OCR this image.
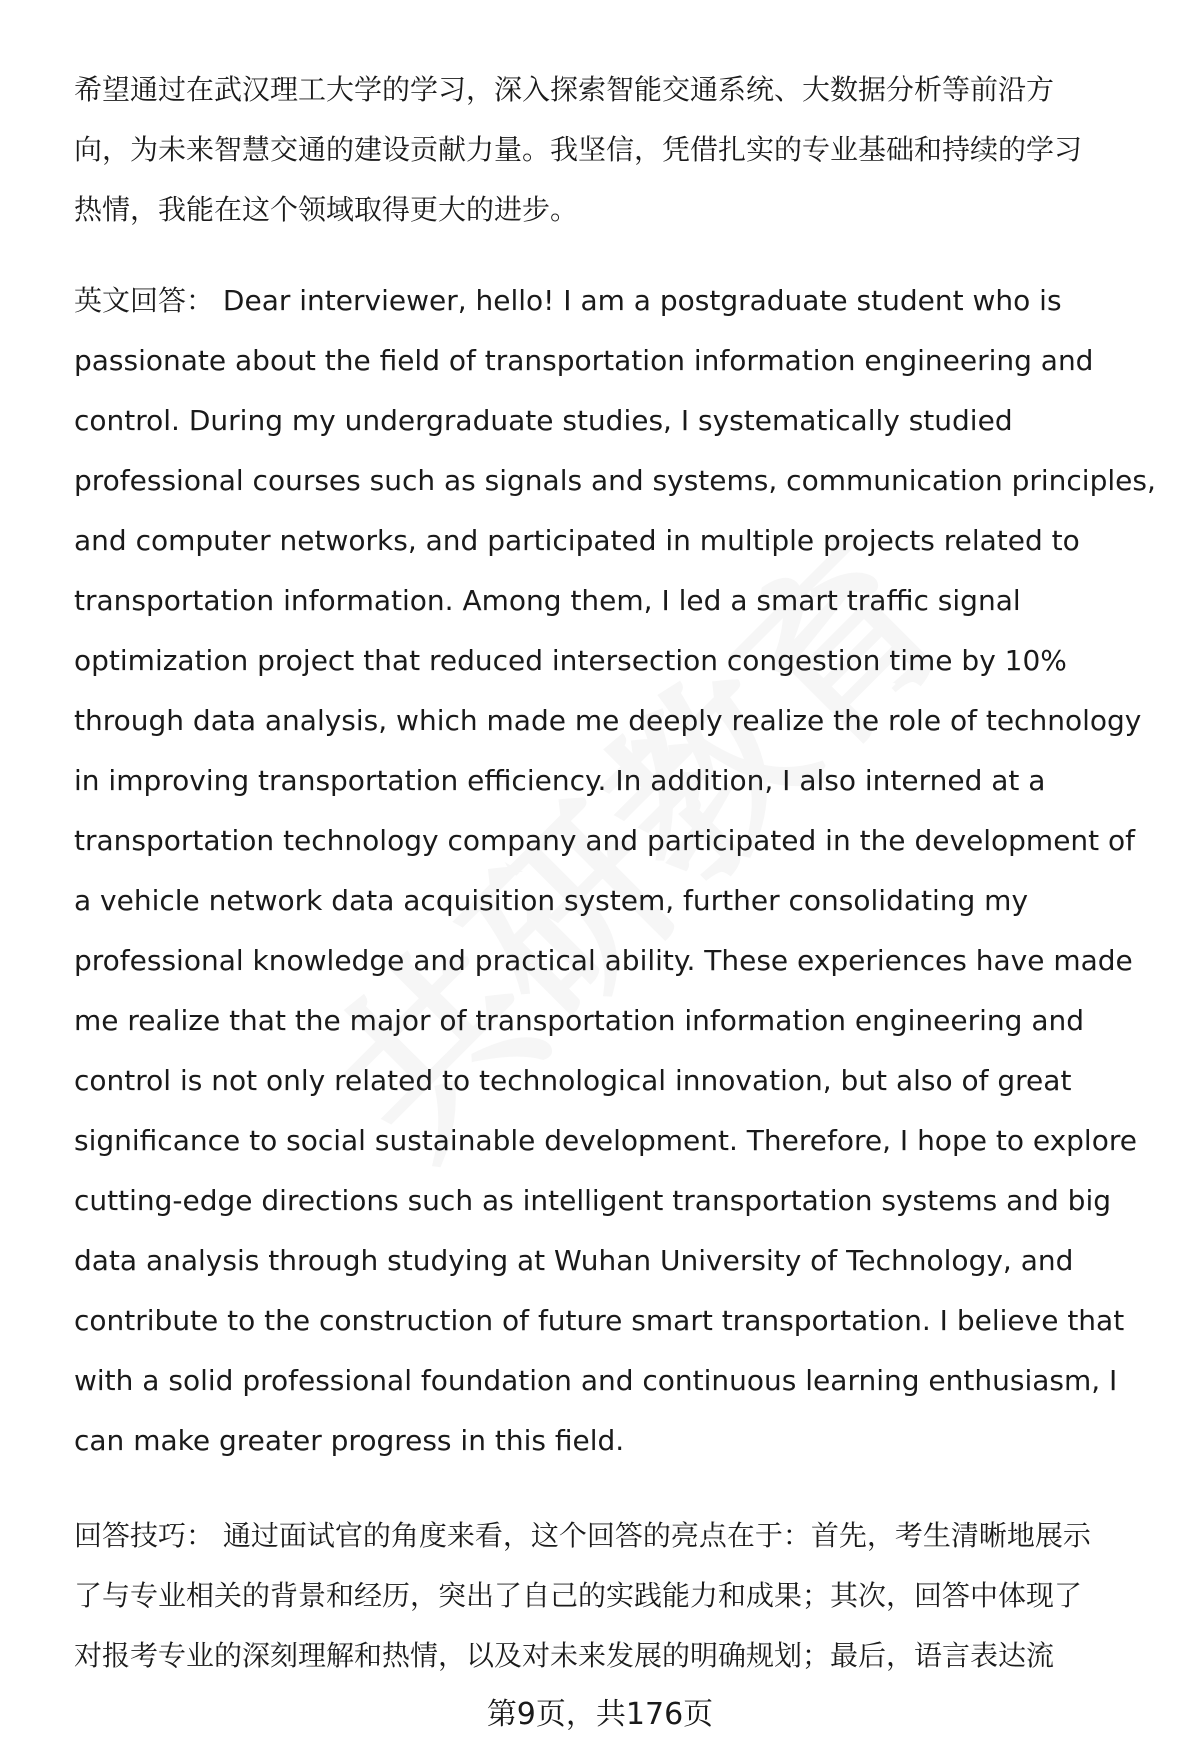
希望通过在武汉理工大学的学习，深入探索智能交通系统、大数据分析等前沿方
向，为未来智慧交通的建设贡献力量。我坚信，凭借扎实的专业基础和持续的学习
热情，我能在这个领域取得更大的进步。
英文回答： Dear interviewer, hello! I am a postgraduate student who is
passionate about the field of transportation information engineering and
control. During my undergraduate studies, I systematically studied
professional courses such as signals and systems, communication principles,
and computer networks, and participated in multiple projects related to
transportation information. Among them, I led a smart traffic signal
optimization project that reduced intersection congestion time by 10%
through data analysis, which made me deeply realize the role of technology
in improving transportation efficiency. In addition, I also interned at a
transportation technology company and participated in the development of
a vehicle network data acquisition system, further consolidating my
professional knowledge and practical ability. These experiences have made
me realize that the major of transportation information engineering and
control is not only related to technological innovation, but also of great
significance to social sustainable development. Therefore, I hope to explore
cutting-edge directions such as intelligent transportation systems and big
data analysis through studying at Wuhan University of Technology, and
contribute to the construction of future smart transportation. I believe that
with a solid professional foundation and continuous learning enthusiasm, I
can make greater progress in this field.
回答技巧： 通过面试官的角度来看，这个回答的亮点在于：首先，考生清晰地展示
了与专业相关的背景和经历，突出了自己的实践能力和成果；其次，回答中体现了
对报考专业的深刻理解和热情，以及对未来发展的明确规划；最后，语言表达流
第9页，共176页
